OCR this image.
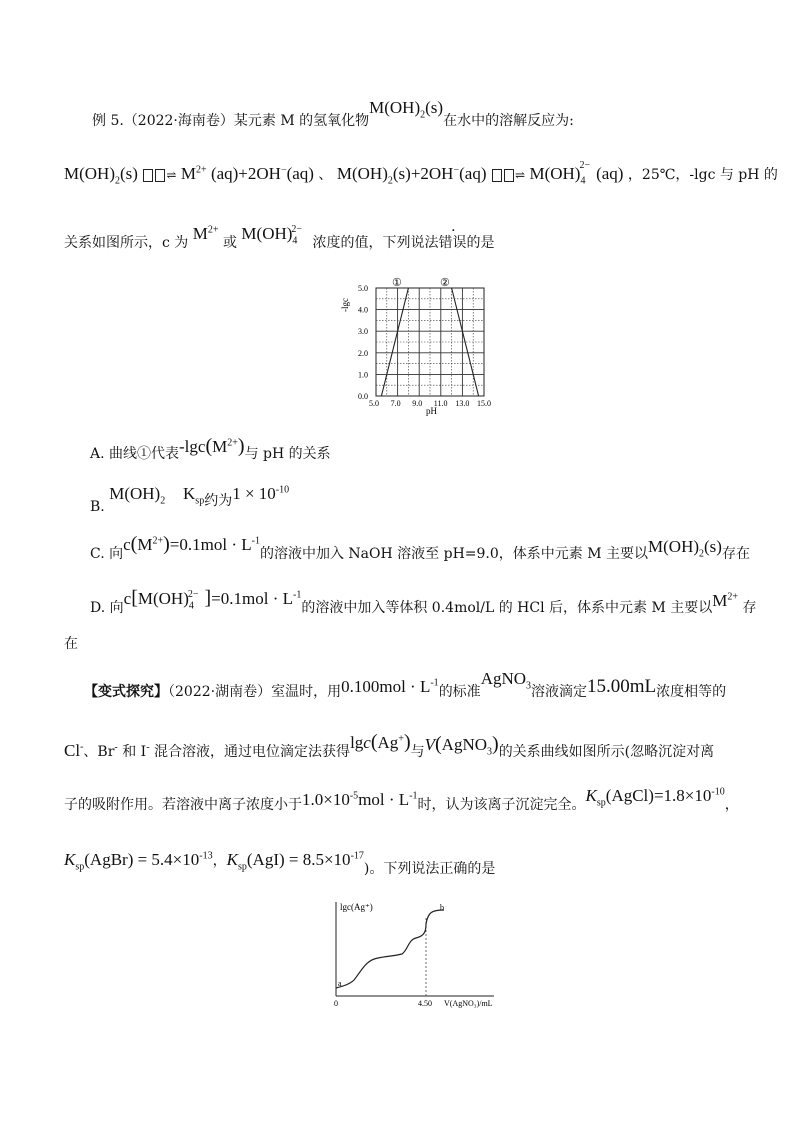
例 5.（2022·海南卷）某元素 M 的氢氧化物$M(OH)_2(s)$在水中的溶解反应为:
$M(OH)_2(s)$ ⇌ $M^{2+}$ (aq)+2OH−(aq) 、 $M(OH)_2(s)+2OH^-(aq)$ ⇌ $M(OH)_4^{2-}$ (aq) ，25℃，-lgc 与 pH 的
关系如图所示，c 为 $M^{2+}$ 或 $M(OH)_4^{2-}$ 浓度的值，下列说法错误的是
-lgc
pH
0.0
1.0
2.0
3.0
4.0
5.0
5.0 7.0 9.0 11.0 13.0 15.0
①	②
A. 曲线①代表$-\lg c(M^{2+})$与 pH 的关系
B. $M(OH)_2$ $K_{sp}$约为$1 \times 10^{-10}$
C. 向$c(M^{2+})=0.1mol \cdot L^{-1}$的溶液中加入 NaOH 溶液至 pH=9.0，体系中元素 M 主要以$M(OH)_2(s)$存在
D. 向$c[M(OH)_4^{2-}$ ]$=0.1mol \cdot L^{-1}$的溶液中加入等体积 0.4mol/L 的 HCl 后，体系中元素 M 主要以$M^{2+}$ 存
在
【变式探究】（2022·湖南卷）室温时，用$0.100mol \cdot L^{-1}$的标准AgNO$_3$溶液滴定15.00mL浓度相等的
Cl-、Br- 和 I- 混合溶液，通过电位滴定法获得lgc(Ag+)与V(AgNO$_3$)的关系曲线如图所示(忽略沉淀对离
子的吸附作用。若溶液中离子浓度小于$1.0\times 10^{-5}mol \cdot L^{-1}$时，认为该离子沉淀完全。$K_{sp}(AgCl)=1.8\times 10^{-10}$，
$K_{sp}(AgBr) = 5.4\times 10^{-13}$，$K_{sp}(AgI) = 8.5\times 10^{-17}$)。下列说法正确的是
lgc(Ag⁺)
V(AgNO₃)/mL
0	4.50
a
b
